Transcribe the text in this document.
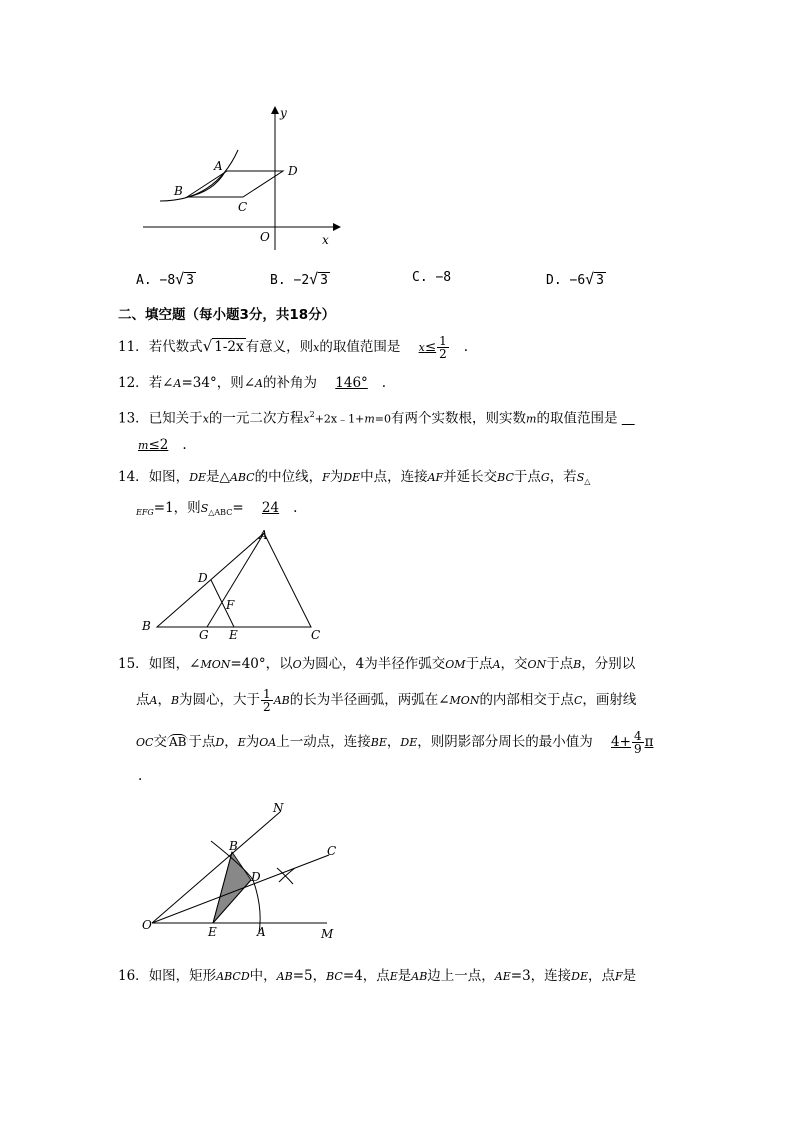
y
x
O
A
B
C
D
A. −8√ 3	B. −2√ 3	C. −8	D. −6√ 3
二、填空题（每小题3分，共18分）
11．若代数式√ 1-2x 有意义，则x的取值范围是 $x\le \frac{1}{2}$ .
12．若∠A=34°，则∠A的补角为 146° .
13．已知关于x的一元二次方程$x^2+2x﹣1+m=0$有两个实数根，则实数m的取值范围是
m≤2 .
14．如图，DE是△ABC的中位线，F为DE中点，连接AF并延长交BC于点G，若$S_\triangle$
$_{EFG}$=1，则$S_{\triangle ABC}= 24$ .
A
B
C
D
E
F
G
15．如图，∠MON=40°，以O为圆心，4为半径作弧交OM于点A，交ON于点B，分别以
点A，B为圆心，大于 $\frac{1}{2}$ AB的长为半径画弧，两弧在∠MON的内部相交于点C，画射线
OC交 AB 于点D，E为OA上一动点，连接BE，DE，则阴影部分周长的最小值为 $4+ \frac{4}{9}$ π
.
N
C
B
D
O	E	A	M
16．如图，矩形ABCD中，AB=5，BC=4，点E是AB边上一点，AE=3，连接DE，点F是
